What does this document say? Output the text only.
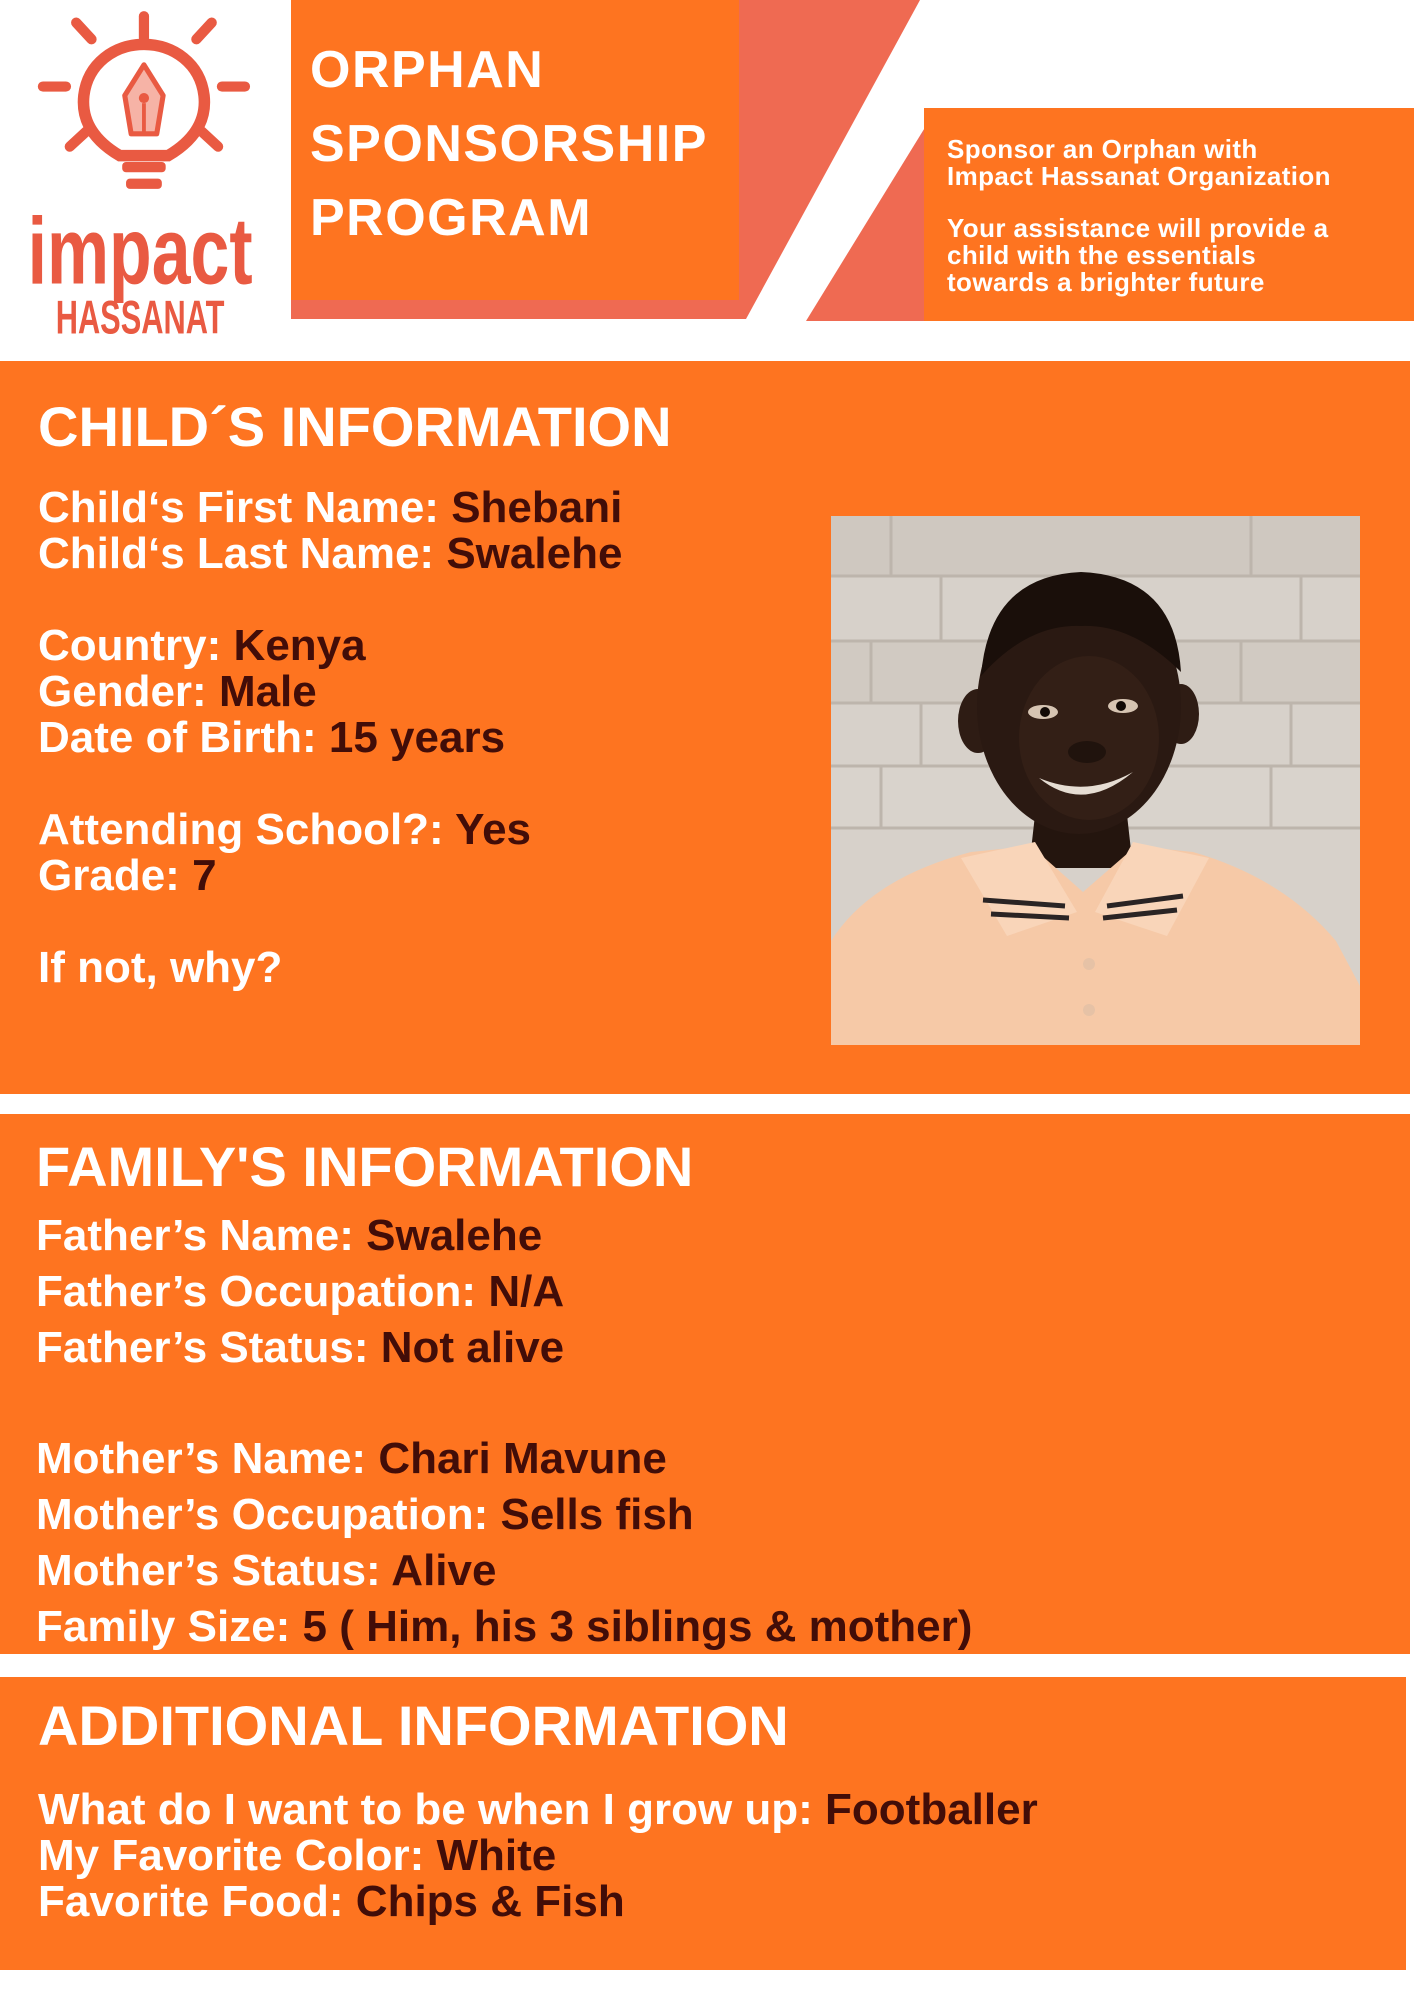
impact
HASSANAT
ORPHAN
SPONSORSHIP
PROGRAM
Sponsor an Orphan with
Impact Hassanat Organization
Your assistance will provide a
child with the essentials
towards a brighter future
CHILD´S INFORMATION
Child‘s First Name: Shebani
Child‘s Last Name: Swalehe
Country: Kenya
Gender: Male
Date of Birth: 15 years
Attending School?: Yes
Grade: 7
If not, why?
FAMILY'S INFORMATION
Father’s Name: Swalehe
Father’s Occupation: N/A
Father’s Status: Not alive
Mother’s Name: Chari Mavune
Mother’s Occupation: Sells fish
Mother’s Status: Alive
Family Size: 5 ( Him, his 3 siblings & mother)
ADDITIONAL INFORMATION
What do I want to be when I grow up: Footballer
My Favorite Color: White
Favorite Food: Chips & Fish
